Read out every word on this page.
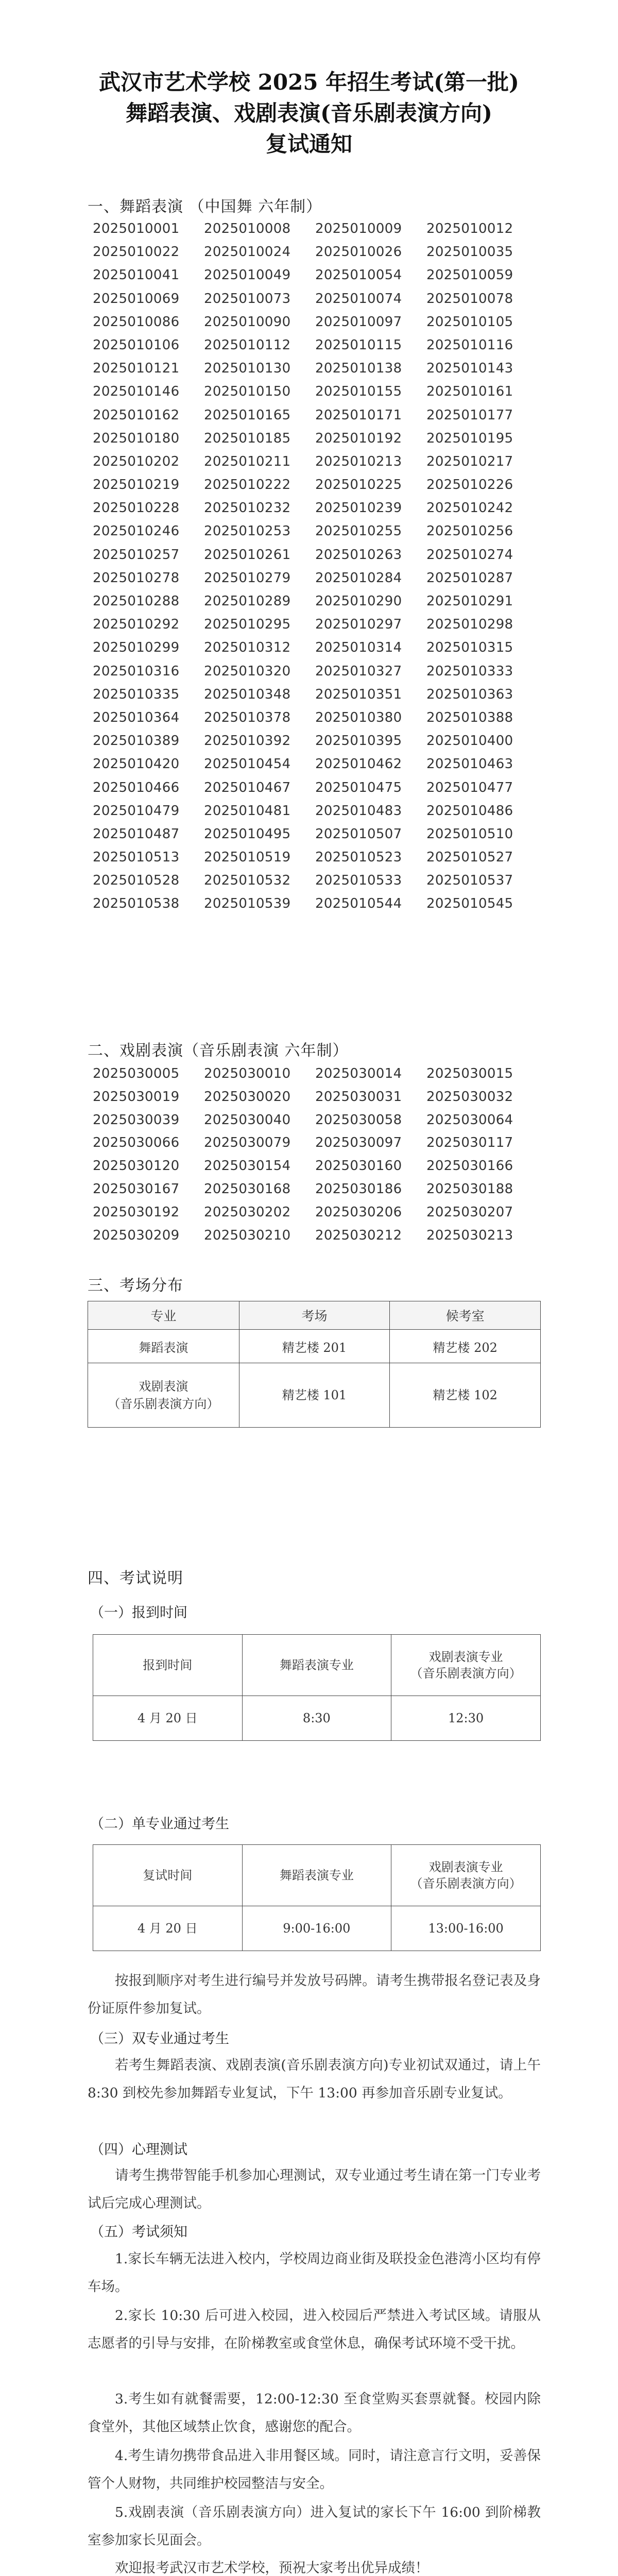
武汉市艺术学校 2025 年招生考试(第一批)
舞蹈表演、戏剧表演(音乐剧表演方向)
复试通知
一、舞蹈表演 （中国舞 六年制）
2025010001	2025010008	2025010009	2025010012
2025010022	2025010024	2025010026	2025010035
2025010041	2025010049	2025010054	2025010059
2025010069	2025010073	2025010074	2025010078
2025010086	2025010090	2025010097	2025010105
2025010106	2025010112	2025010115	2025010116
2025010121	2025010130	2025010138	2025010143
2025010146	2025010150	2025010155	2025010161
2025010162	2025010165	2025010171	2025010177
2025010180	2025010185	2025010192	2025010195
2025010202	2025010211	2025010213	2025010217
2025010219	2025010222	2025010225	2025010226
2025010228	2025010232	2025010239	2025010242
2025010246	2025010253	2025010255	2025010256
2025010257	2025010261	2025010263	2025010274
2025010278	2025010279	2025010284	2025010287
2025010288	2025010289	2025010290	2025010291
2025010292	2025010295	2025010297	2025010298
2025010299	2025010312	2025010314	2025010315
2025010316	2025010320	2025010327	2025010333
2025010335	2025010348	2025010351	2025010363
2025010364	2025010378	2025010380	2025010388
2025010389	2025010392	2025010395	2025010400
2025010420	2025010454	2025010462	2025010463
2025010466	2025010467	2025010475	2025010477
2025010479	2025010481	2025010483	2025010486
2025010487	2025010495	2025010507	2025010510
2025010513	2025010519	2025010523	2025010527
2025010528	2025010532	2025010533	2025010537
2025010538	2025010539	2025010544	2025010545
二、戏剧表演（音乐剧表演 六年制）
2025030005	2025030010	2025030014	2025030015
2025030019	2025030020	2025030031	2025030032
2025030039	2025030040	2025030058	2025030064
2025030066	2025030079	2025030097	2025030117
2025030120	2025030154	2025030160	2025030166
2025030167	2025030168	2025030186	2025030188
2025030192	2025030202	2025030206	2025030207
2025030209	2025030210	2025030212	2025030213
三、考场分布
专业	考场	候考室
舞蹈表演	精艺楼 201	精艺楼 202
戏剧表演
（音乐剧表演方向）	精艺楼 101	精艺楼 102
四、考试说明
（一）报到时间
报到时间	舞蹈表演专业	戏剧表演专业
（音乐剧表演方向）
4 月 20 日	8:30	12:30
（二）单专业通过考生
复试时间	舞蹈表演专业	戏剧表演专业
（音乐剧表演方向）
4 月 20 日	9:00-16:00	13:00-16:00
按报到顺序对考生进行编号并发放号码牌。请考生携带报名登记表及身份证原件参加复试。
（三）双专业通过考生
若考生舞蹈表演、戏剧表演(音乐剧表演方向)专业初试双通过，请上午 8:30 到校先参加舞蹈专业复试，下午 13:00 再参加音乐剧专业复试。
（四）心理测试
请考生携带智能手机参加心理测试，双专业通过考生请在第一门专业考试后完成心理测试。
（五）考试须知
1.家长车辆无法进入校内，学校周边商业街及联投金色港湾小区均有停车场。
2.家长 10:30 后可进入校园，进入校园后严禁进入考试区域。请服从志愿者的引导与安排，在阶梯教室或食堂休息，确保考试环境不受干扰。
3.考生如有就餐需要，12:00-12:30 至食堂购买套票就餐。校园内除食堂外，其他区域禁止饮食，感谢您的配合。
4.考生请勿携带食品进入非用餐区域。同时，请注意言行文明，妥善保管个人财物，共同维护校园整洁与安全。
5.戏剧表演（音乐剧表演方向）进入复试的家长下午 16:00 到阶梯教室参加家长见面会。
欢迎报考武汉市艺术学校，预祝大家考出优异成绩！
